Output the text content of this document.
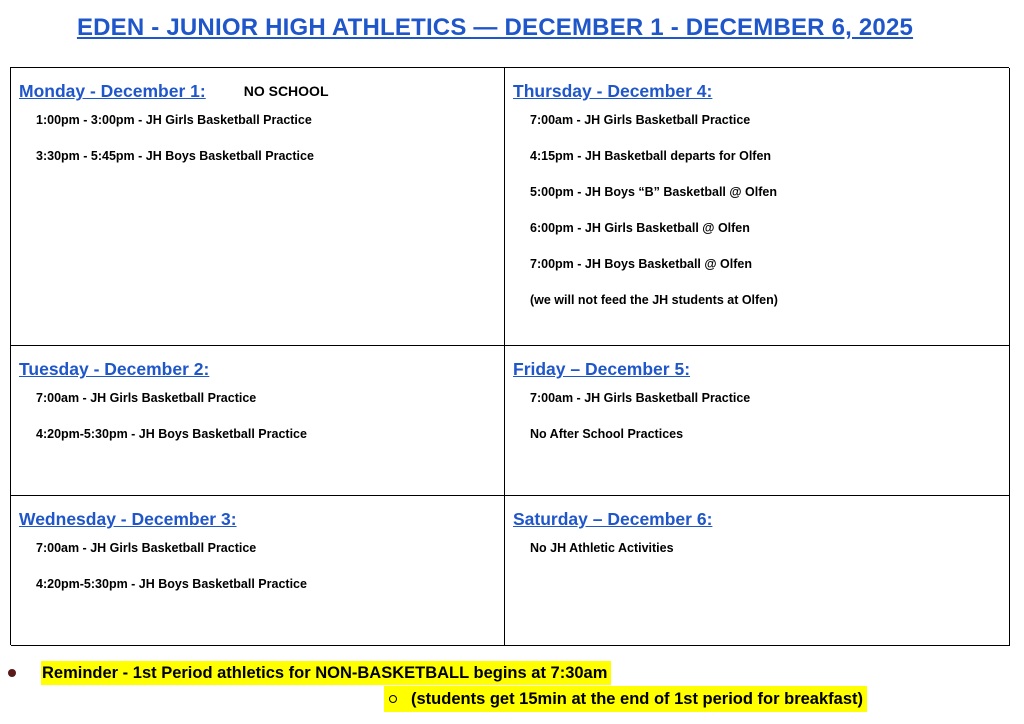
EDEN - JUNIOR HIGH ATHLETICS — DECEMBER 1 - DECEMBER 6, 2025
Monday - December 1:	NO SCHOOL
1:00pm - 3:00pm - JH Girls Basketball Practice
3:30pm - 5:45pm - JH Boys Basketball Practice
Thursday - December 4:
7:00am - JH Girls Basketball Practice
4:15pm - JH Basketball departs for Olfen
5:00pm - JH Boys “B” Basketball @ Olfen
6:00pm - JH Girls Basketball @ Olfen
7:00pm - JH Boys Basketball @ Olfen
(we will not feed the JH students at Olfen)
Tuesday - December 2:
7:00am - JH Girls Basketball Practice
4:20pm-5:30pm - JH Boys Basketball Practice
Friday – December 5:
7:00am - JH Girls Basketball Practice
No After School Practices
Wednesday - December 3:
7:00am - JH Girls Basketball Practice
4:20pm-5:30pm - JH Boys Basketball Practice
Saturday – December 6:
No JH Athletic Activities
Reminder - 1st Period athletics for NON-BASKETBALL begins at 7:30am
(students get 15min at the end of 1st period for breakfast)
